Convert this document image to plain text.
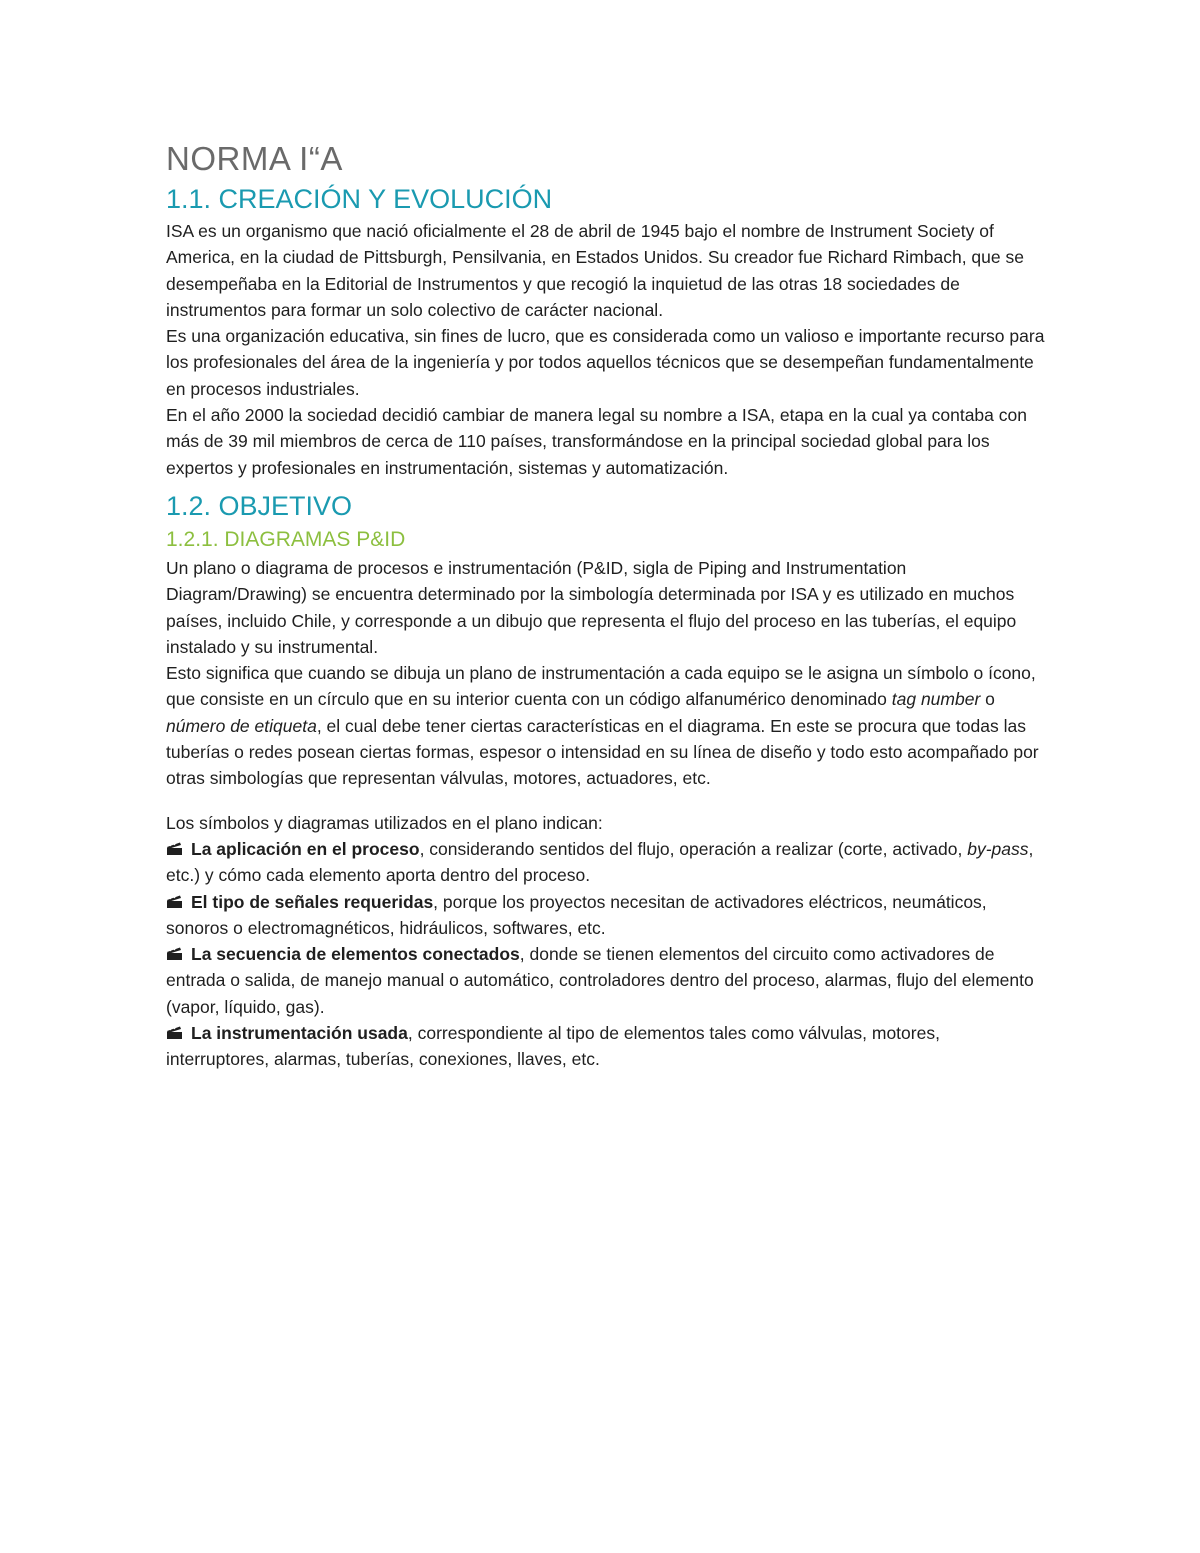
NORMA I“A
1.1. CREACIÓN Y EVOLUCIÓN

ISA es un organismo que nació oficialmente el 28 de abril de 1945 bajo el nombre de Instrument Society of America, en la ciudad de Pittsburgh, Pensilvania, en Estados Unidos. Su creador fue Richard Rimbach, que se desempeñaba en la Editorial de Instrumentos y que recogió la inquietud de las otras 18 sociedades de instrumentos para formar un solo colectivo de carácter nacional.

Es una organización educativa, sin fines de lucro, que es considerada como un valioso e importante recurso para los profesionales del área de la ingeniería y por todos aquellos técnicos que se desempeñan fundamentalmente en procesos industriales.

En el año 2000 la sociedad decidió cambiar de manera legal su nombre a ISA, etapa en la cual ya contaba con más de 39 mil miembros de cerca de 110 países, transformándose en la principal sociedad global para los expertos y profesionales en instrumentación, sistemas y automatización.

1.2. OBJETIVO
1.2.1. DIAGRAMAS P&ID

Un plano o diagrama de procesos e instrumentación (P&ID, sigla de Piping and Instrumentation Diagram/Drawing) se encuentra determinado por la simbología determinada por ISA y es utilizado en muchos países, incluido Chile, y corresponde a un dibujo que representa el flujo del proceso en las tuberías, el equipo instalado y su instrumental.

Esto significa que cuando se dibuja un plano de instrumentación a cada equipo se le asigna un símbolo o ícono, que consiste en un círculo que en su interior cuenta con un código alfanumérico denominado tag number o número de etiqueta, el cual debe tener ciertas características en el diagrama. En este se procura que todas las tuberías o redes posean ciertas formas, espesor o intensidad en su línea de diseño y todo esto acompañado por otras simbologías que representan válvulas, motores, actuadores, etc.

Los símbolos y diagramas utilizados en el plano indican:

La aplicación en el proceso, considerando sentidos del flujo, operación a realizar (corte, activado, by-pass, etc.) y cómo cada elemento aporta dentro del proceso.

El tipo de señales requeridas, porque los proyectos necesitan de activadores eléctricos, neumáticos, sonoros o electromagnéticos, hidráulicos, softwares, etc.

La secuencia de elementos conectados, donde se tienen elementos del circuito como activadores de entrada o salida, de manejo manual o automático, controladores dentro del proceso, alarmas, flujo del elemento (vapor, líquido, gas).

La instrumentación usada, correspondiente al tipo de elementos tales como válvulas, motores, interruptores, alarmas, tuberías, conexiones, llaves, etc.
